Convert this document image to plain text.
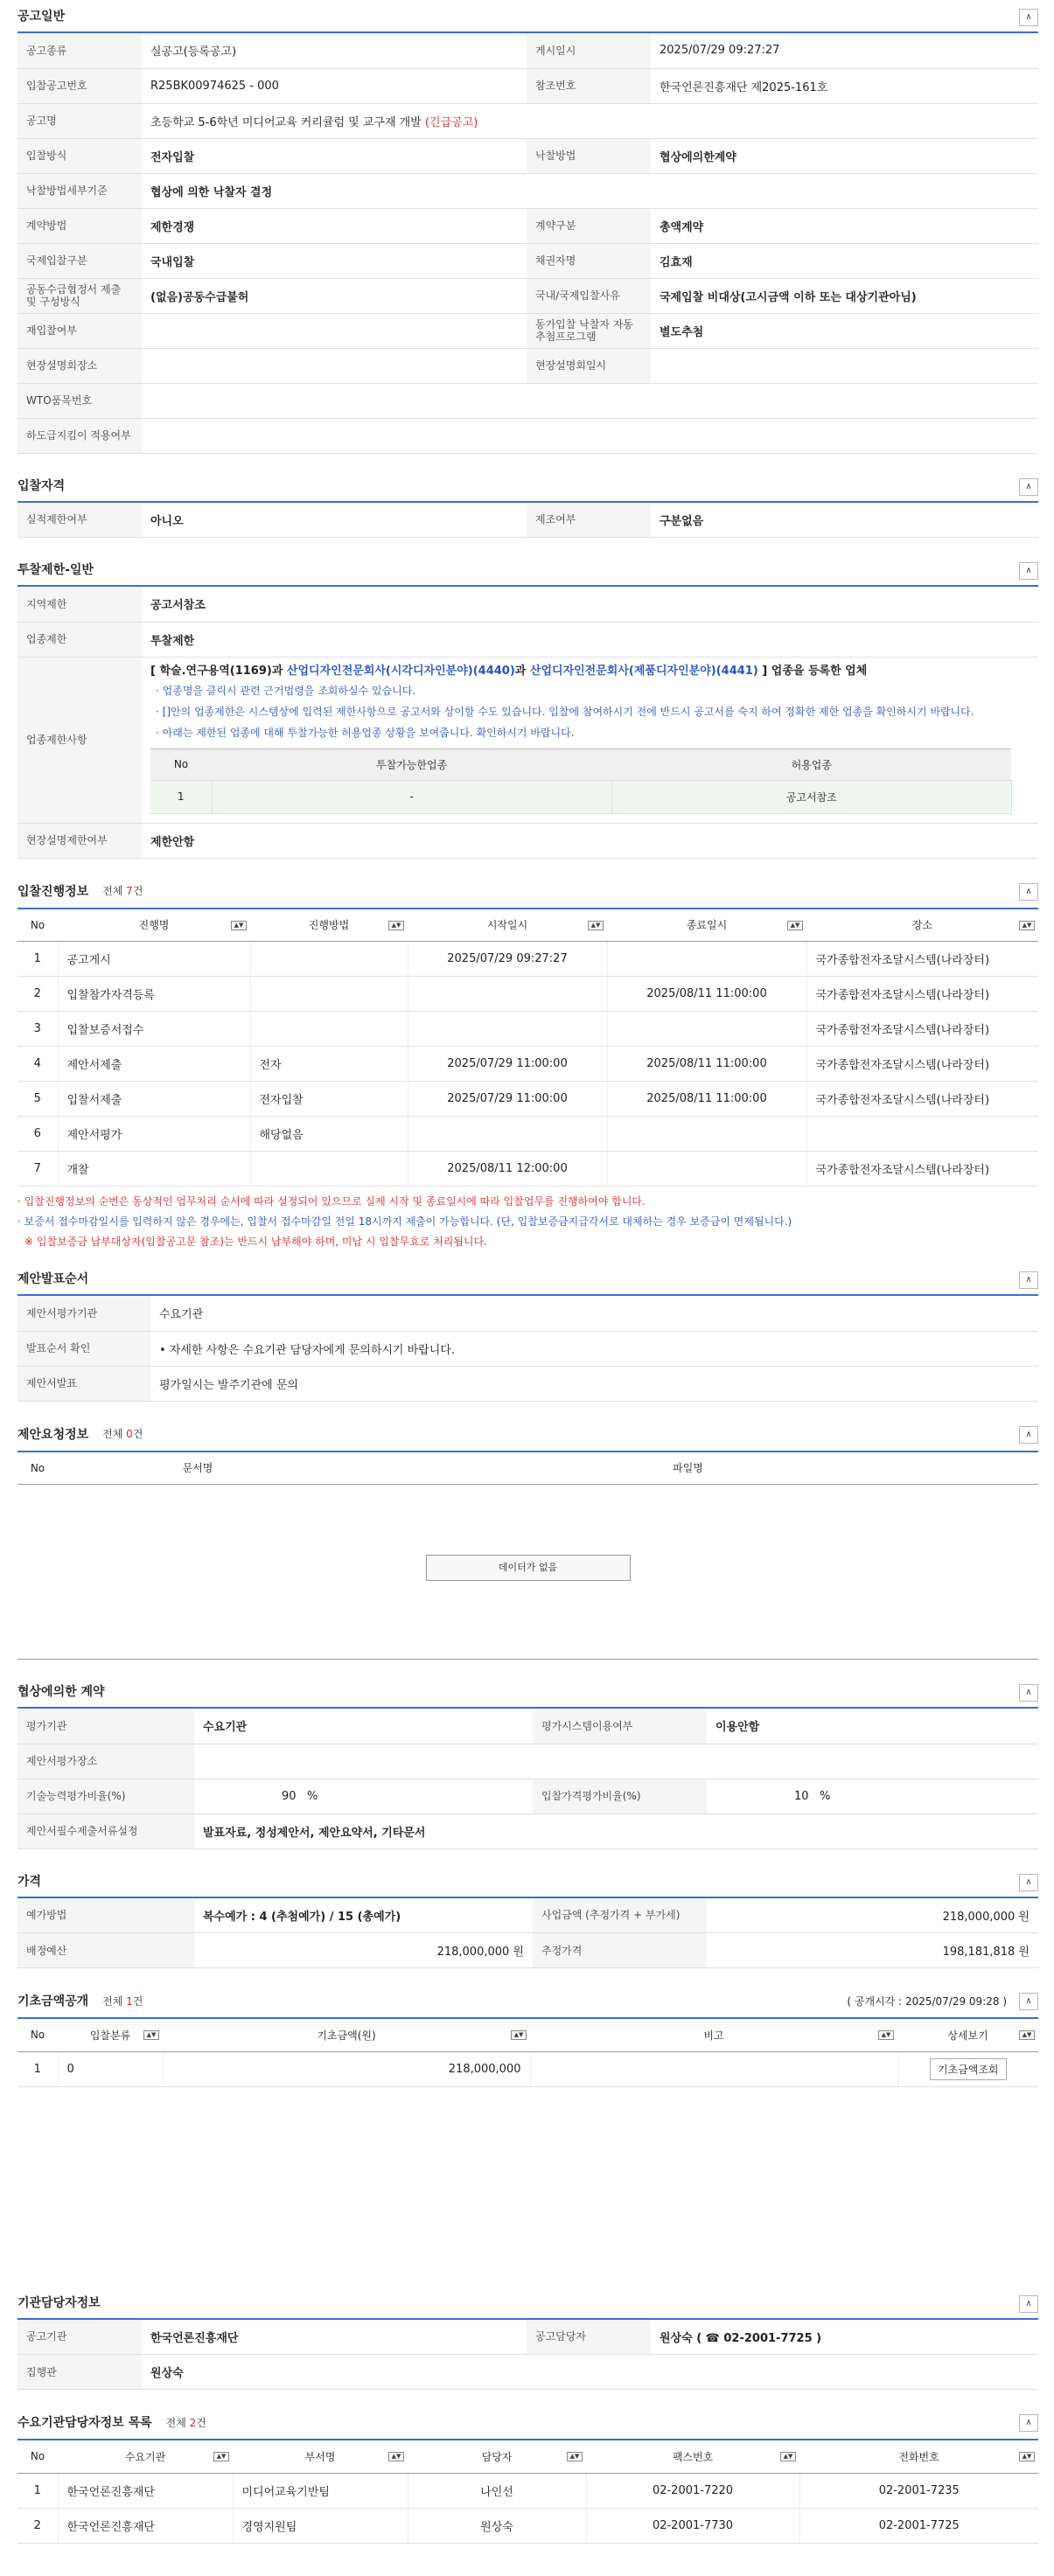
공고일반	∧
공고종류	실공고(등록공고)	게시일시	2025/07/29 09:27:27
입찰공고번호	R25BK00974625 - 000	참조번호	한국언론진흥재단 제2025-161호
공고명	초등학교 5-6학년 미디어교육 커리큘럼 및 교구재 개발 (긴급공고)		
입찰방식	전자입찰	낙찰방법	협상에의한계약
낙찰방법세부기준	협상에 의한 낙찰자 결정		
계약방법	제한경쟁	계약구분	총액계약
국제입찰구분	국내입찰	채권자명	김효재
공동수급협정서 제출 및 구성방식	(없음)공동수급불허	국내/국제입찰사유	국제입찰 비대상(고시금액 이하 또는 대상기관아님)
재입찰여부		동가입찰 낙찰자 자동추첨프로그램	별도추첨
현장설명회장소		현장설명회일시	
WTO품목번호			
하도급지킴이 적용여부			
입찰자격	∧
실적제한여부	아니오	제조여부	구분없음
투찰제한-일반	∧
지역제한	공고서참조
업종제한	투찰제한
업종제한사항	
[ 학술.연구용역(1169)과 산업디자인전문회사(시각디자인분야)(4440)과 산업디자인전문회사(제품디자인분야)(4441) ] 업종을 등록한 업체
· 업종명을 클릭시 관련 근거법령을 조회하실수 있습니다.
· []안의 업종제한은 시스템상에 입력된 제한사항으로 공고서와 상이할 수도 있습니다. 입찰에 참여하시기 전에 반드시 공고서를 숙지 하여 정확한 제한 업종을 확인하시기 바랍니다.
· 아래는 제한된 업종에 대해 투찰가능한 허용업종 상황을 보여줍니다. 확인하시기 바랍니다.
No	투찰가능한업종	허용업종
1	-	공고서참조

현장설명제한여부	제한안함
입찰진행정보 전체 7건	∧
No	진행명 ▲▼	진행방법 ▲▼	시작일시 ▲▼	종료일시 ▲▼	장소 ▲▼

1	공고게시		2025/07/29 09:27:27		국가종합전자조달시스템(나라장터)
2	입찰참가자격등록			2025/08/11 11:00:00	국가종합전자조달시스템(나라장터)
3	입찰보증서접수				국가종합전자조달시스템(나라장터)
4	제안서제출	전자	2025/07/29 11:00:00	2025/08/11 11:00:00	국가종합전자조달시스템(나라장터)
5	입찰서제출	전자입찰	2025/07/29 11:00:00	2025/08/11 11:00:00	국가종합전자조달시스템(나라장터)
6	제안서평가	해당없음			
7	개찰		2025/08/11 12:00:00		국가종합전자조달시스템(나라장터)

· 입찰진행정보의 순번은 동상적인 업무처리 순서에 따라 설정되어 있으므로 실제 시작 및 종료일시에 따라 입찰업무를 진행하여야 합니다.

· 보증서 접수마감일시를 입력하지 않은 경우에는, 입찰서 접수마감일 전일 18시까지 제출이 가능합니다. (단, 입찰보증금지급각서로 대체하는 경우 보증금이 면제됩니다.)

※ 입찰보증금 납부대상자(입찰공고문 참조)는 반드시 납부해야 하며, 미납 시 입찰무효로 처리됩니다.

제안발표순서	∧
제안서평가기관	수요기관
발표순서 확인	• 자세한 사항은 수요기관 담당자에게 문의하시기 바랍니다.
제안서발표	평가일시는 발주기관에 문의
제안요청정보 전체 0건	∧
No	문서명	파일명
데이터가 없음
협상에의한 계약	∧
평가기관	수요기관	평가시스템이용여부	이용안함
제안서평가장소			
기술능력평가비율(%)	90   %	입찰가격평가비율(%)	10   %
제안서필수제출서류설정	발표자료, 정성제안서, 제안요약서, 기타문서		
가격	∧
예가방법	복수예가 : 4 (추첨예가) / 15 (총예가)	사업금액 (추정가격 + 부가세)	218,000,000 원
배정예산	218,000,000 원	추정가격	198,181,818 원
기초금액공개 전체 1건	( 공개시각 : 2025/07/29 09:28 )	∧
No	입찰분류 ▲▼	기초금액(원) ▲▼	비고 ▲▼	상세보기 ▲▼

1	0	218,000,000		기초금액조회
기관담당자정보	∧
공고기관	한국언론진흥재단	공고담당자	원상숙 ( ☎ 02-2001-7725 )
집행관	원상숙		
수요기관담당자정보 목록 전체 2건	∧
No	수요기관 ▲▼	부서명 ▲▼	담당자 ▲▼	팩스번호 ▲▼	전화번호 ▲▼

1	한국언론진흥재단	미디어교육기반팀	나인선	02-2001-7220	02-2001-7235
2	한국언론진흥재단	경영지원팀	원상숙	02-2001-7730	02-2001-7725
